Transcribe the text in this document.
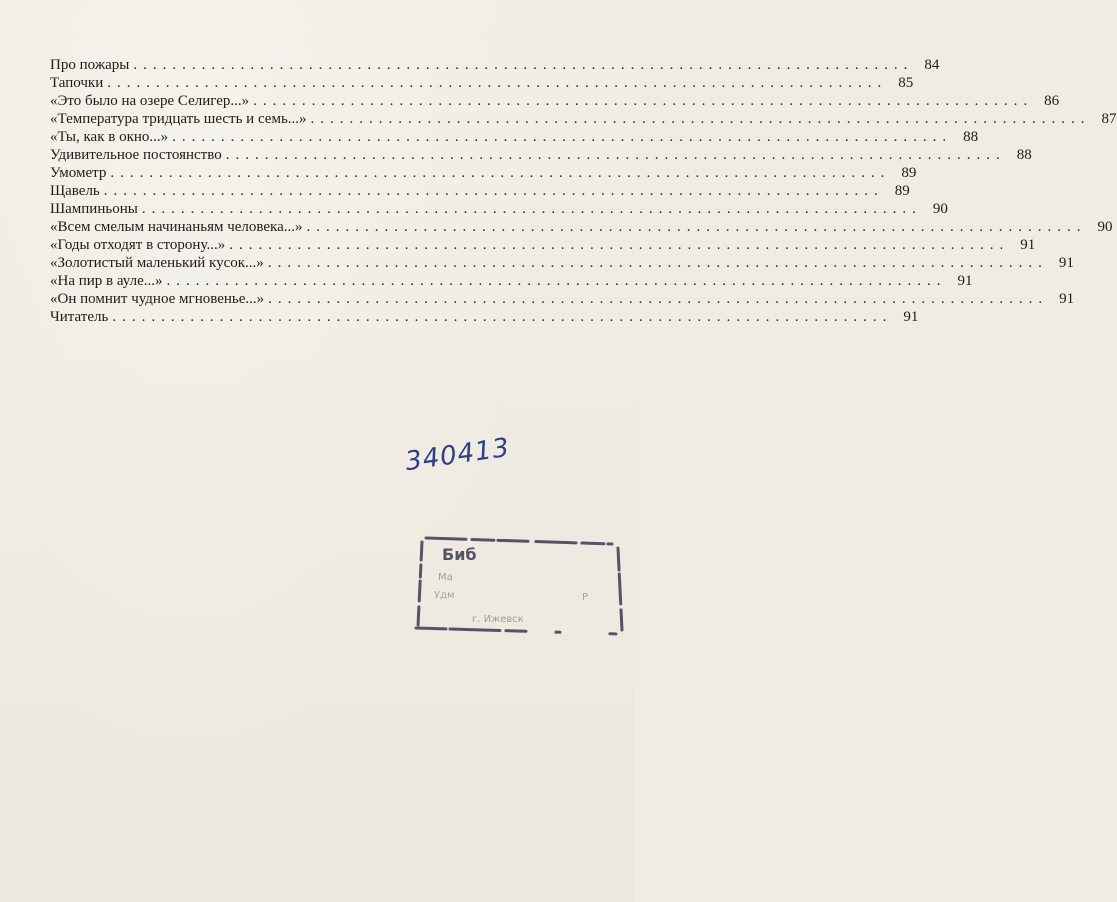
Про пожары ................................................................................ 84
Тапочки ................................................................................ 85
«Это было на озере Селигер...» ................................................................................ 86
«Температура тридцать шесть и семь...» ................................................................................ 87
«Ты, как в окно...» ................................................................................ 88
Удивительное постоянство ................................................................................ 88
Умометр ................................................................................ 89
Щавель ................................................................................ 89
Шампиньоны ................................................................................ 90
«Всем смелым начинаньям человека...» ................................................................................ 90
«Годы отходят в сторону...» ................................................................................ 91
«Золотистый маленький кусок...» ................................................................................ 91
«На пир в ауле...» ................................................................................ 91
«Он помнит чудное мгновенье...» ................................................................................ 91
Читатель ................................................................................ 91
340413
Биб
Ма
Удм	Р
г. Ижевск
